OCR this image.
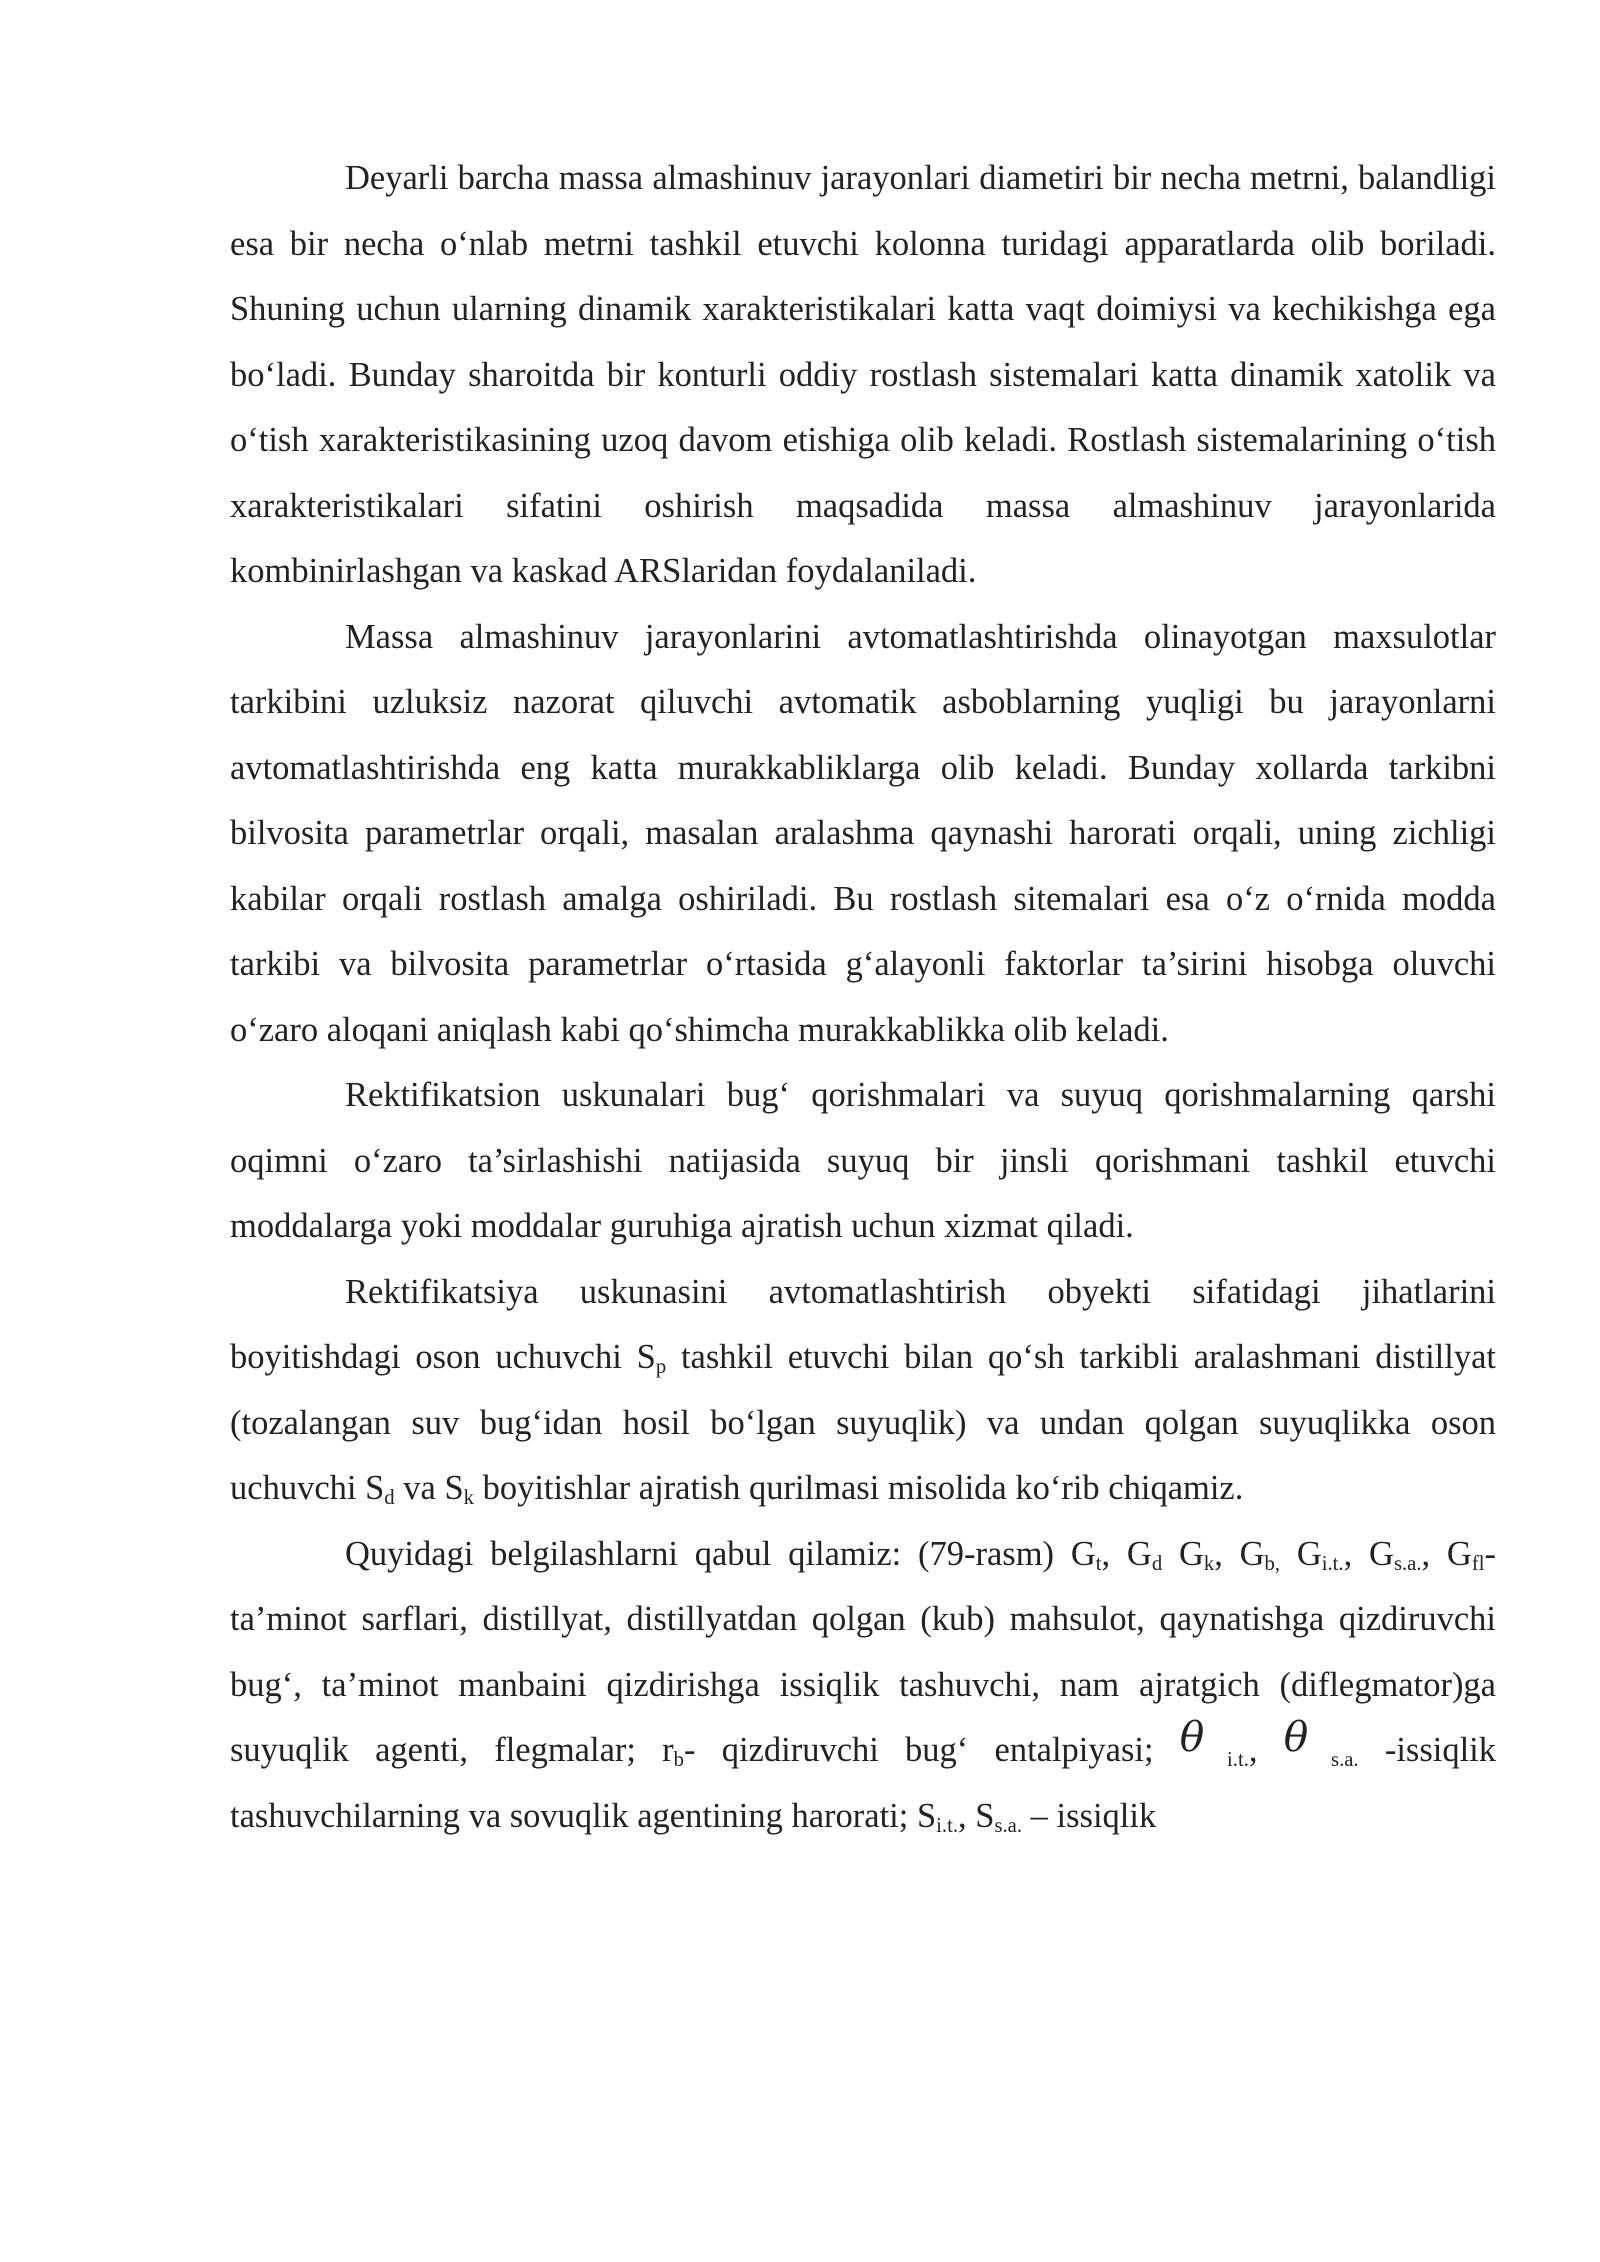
Deyarli barcha massa almashinuv jarayonlari diametiri bir necha metrni, balandligi esa bir necha o‘nlab metrni tashkil etuvchi kolonna turidagi apparatlarda olib boriladi. Shuning uchun ularning dinamik xarakteristikalari katta vaqt doimiysi va kechikishga ega bo‘ladi. Bunday sharoitda bir konturli oddiy rostlash sistemalari katta dinamik xatolik va o‘tish xarakteristikasining uzoq davom etishiga olib keladi. Rostlash sistemalarining o‘tish xarakteristikalari sifatini oshirish maqsadida massa almashinuv jarayonlarida kombinirlashgan va kaskad ARSlaridan foydalaniladi.

Massa almashinuv jarayonlarini avtomatlashtirishda olinayotgan maxsulotlar tarkibini uzluksiz nazorat qiluvchi avtomatik asboblarning yuqligi bu jarayonlarni avtomatlashtirishda eng katta murakkabliklarga olib keladi. Bunday xollarda tarkibni bilvosita parametrlar orqali, masalan aralashma qaynashi harorati orqali, uning zichligi kabilar orqali rostlash amalga oshiriladi. Bu rostlash sitemalari esa o‘z o‘rnida modda tarkibi va bilvosita parametrlar o‘rtasida g‘alayonli faktorlar ta’sirini hisobga oluvchi o‘zaro aloqani aniqlash kabi qo‘shimcha murakkablikka olib keladi.

Rektifikatsion uskunalari bug‘ qorishmalari va suyuq qorishmalarning qarshi oqimni o‘zaro ta’sirlashishi natijasida suyuq bir jinsli qorishmani tashkil etuvchi moddalarga yoki moddalar guruhiga ajratish uchun xizmat qiladi.

Rektifikatsiya uskunasini avtomatlashtirish obyekti sifatidagi jihatlarini boyitishdagi oson uchuvchi $S_p$ tashkil etuvchi bilan qo‘sh tarkibli aralashmani distillyat (tozalangan suv bug‘idan hosil bo‘lgan suyuqlik) va undan qolgan suyuqlikka oson uchuvchi $S_d$ va $S_k$ boyitishlar ajratish qurilmasi misolida ko‘rib chiqamiz.

Quyidagi belgilashlarni qabul qilamiz: (79-rasm) $G_t$, $G_d$ $G_k$, $G_{b,}$ $G_{i.t.}$, $G_{s.a.}$, $G_{fl}-$ ta’minot sarflari, distillyat, distillyatdan qolgan (kub) mahsulot, qaynatishga qizdiruvchi bug‘, ta’minot manbaini qizdirishga issiqlik tashuvchi, nam ajratgich (diflegmator)ga suyuqlik agenti, flegmalar; $r_b-$ qizdiruvchi bug‘ entalpiyasi; θ $_{i.t.}$, θ $_{s.a.}$ -issiqlik tashuvchilarning va sovuqlik agentining harorati; $S_{i.t.}$, $S_{s.a.}$ – issiqlik
